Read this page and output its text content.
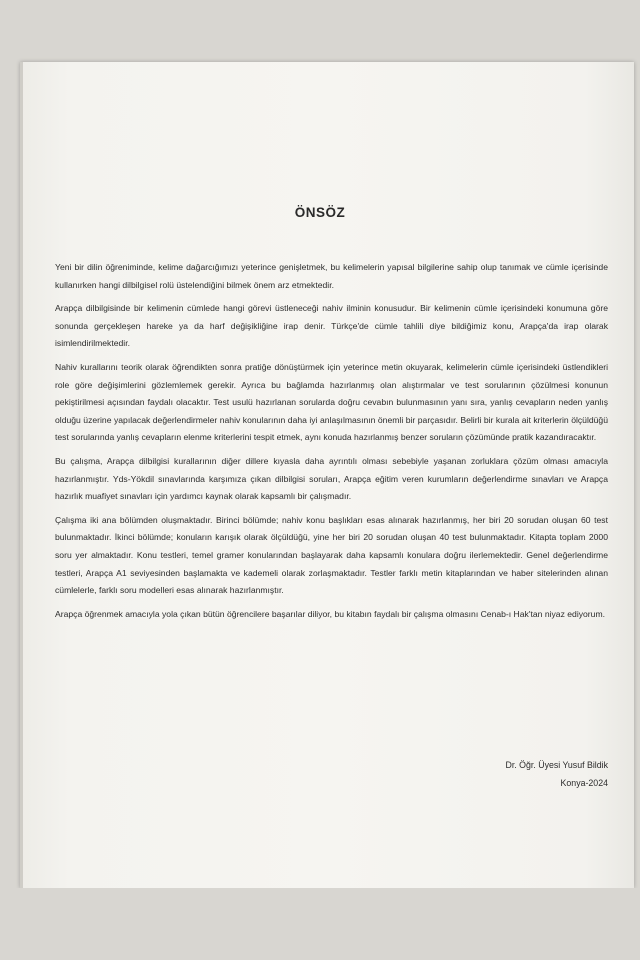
ÖNSÖZ

Yeni bir dilin öğreniminde, kelime dağarcığımızı yeterince genişletmek, bu kelimelerin yapısal bilgilerine sahip olup tanımak ve cümle içerisinde kullanırken hangi dilbilgisel rolü üstelendiğini bilmek önem arz etmektedir.

Arapça dilbilgisinde bir kelimenin cümlede hangi görevi üstleneceği nahiv ilminin konusudur. Bir kelimenin cümle içerisindeki konumuna göre sonunda gerçekleşen hareke ya da harf değişikliğine irap denir. Türkçe'de cümle tahlili diye bildiğimiz konu, Arapça'da irap olarak isimlendirilmektedir.

Nahiv kurallarını teorik olarak öğrendikten sonra pratiğe dönüştürmek için yeterince metin okuyarak, kelimelerin cümle içerisindeki üstlendikleri role göre değişimlerini gözlemlemek gerekir. Ayrıca bu bağlamda hazırlanmış olan alıştırmalar ve test sorularının çözülmesi konunun pekiştirilmesi açısından faydalı olacaktır. Test usulü hazırlanan sorularda doğru cevabın bulunmasının yanı sıra, yanlış cevapların neden yanlış olduğu üzerine yapılacak değerlendirmeler nahiv konularının daha iyi anlaşılmasının önemli bir parçasıdır. Belirli bir kurala ait kriterlerin ölçüldüğü test sorularında yanlış cevapların elenme kriterlerini tespit etmek, aynı konuda hazırlanmış benzer soruların çözümünde pratik kazandıracaktır.

Bu çalışma, Arapça dilbilgisi kurallarının diğer dillere kıyasla daha ayrıntılı olması sebebiyle yaşanan zorluklara çözüm olması amacıyla hazırlanmıştır. Yds-Yökdil sınavlarında karşımıza çıkan dilbilgisi soruları, Arapça eğitim veren kurumların değerlendirme sınavları ve Arapça hazırlık muafiyet sınavları için yardımcı kaynak olarak kapsamlı bir çalışmadır.

Çalışma iki ana bölümden oluşmaktadır. Birinci bölümde; nahiv konu başlıkları esas alınarak hazırlanmış, her biri 20 sorudan oluşan 60 test bulunmaktadır. İkinci bölümde; konuların karışık olarak ölçüldüğü, yine her biri 20 sorudan oluşan 40 test bulunmaktadır. Kitapta toplam 2000 soru yer almaktadır. Konu testleri, temel gramer konularından başlayarak daha kapsamlı konulara doğru ilerlemektedir. Genel değerlendirme testleri, Arapça A1 seviyesinden başlamakta ve kademeli olarak zorlaşmaktadır. Testler farklı metin kitaplarından ve haber sitelerinden alınan cümlelerle, farklı soru modelleri esas alınarak hazırlanmıştır.

Arapça öğrenmek amacıyla yola çıkan bütün öğrencilere başarılar diliyor, bu kitabın faydalı bir çalışma olmasını Cenab-ı Hak'tan niyaz ediyorum.

Dr. Öğr. Üyesi Yusuf Bildik
Konya-2024
